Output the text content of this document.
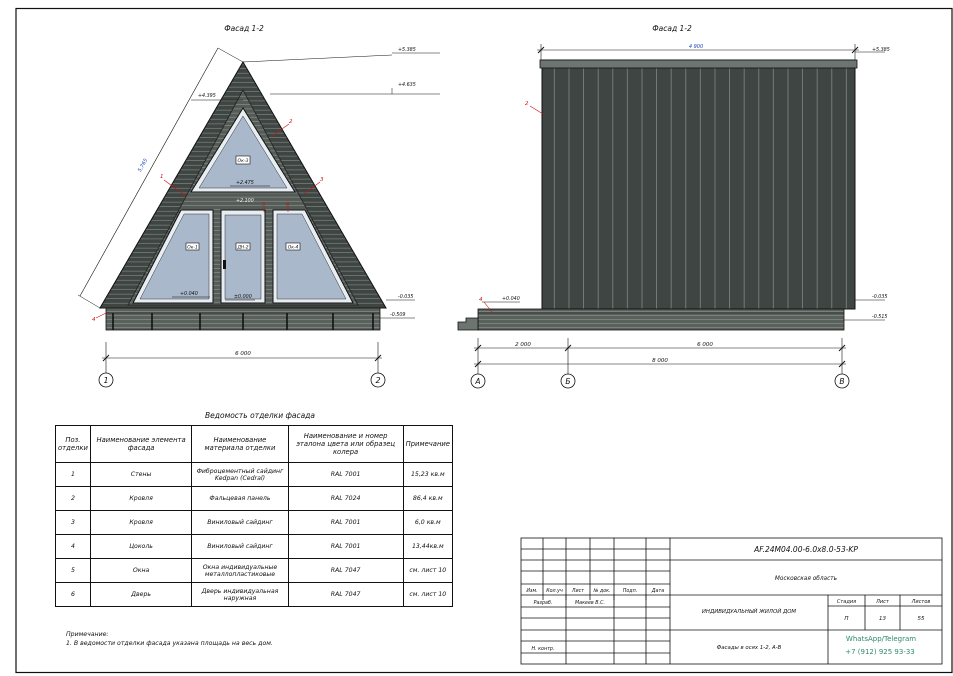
Фасад 1-2
Ок-3
Ок-1	ДН-2	Ок-4
5,765
+5.385
+4.635
+4.395
+2.475
+2.100
+0.040
±0.000	-0.035
-0.509
1
2
3
4
5	6
6 000
1	2
Фасад 1-2
4 900
+5.385
+0.040	-0.035
-0.515
2
4
2 000	6 000
8 000
А	Б	В
AF.24M04.00-6.0x8.0-53-KP
Московская область
ИНДИВИДУАЛЬНЫЙ ЖИЛОЙ ДОМ
Фасады в осях 1-2, А-В
Изм. Кол.уч Лист № док.	Подп.	Дата
Разраб.	Макеев В.С.
Н. контр.
Стадия	Лист	Листов
П	13	55
WhatsApp/Telegram
+7 (912) 925 93-33
Ведомость отделки фасада
Поз. отделки	Наименование элемента фасада	Наименование материала отделки	Наименование и номер эталона цвета или образец колера	Примечание
1	Стены	Фиброцементный сайдинг Kedpan (Cedral)	RAL 7001	15,23 кв.м
2	Кровля	Фальцевая панель	RAL 7024	86,4 кв.м
3	Кровля	Виниловый сайдинг	RAL 7001	6,0 кв.м
4	Цоколь	Виниловый сайдинг	RAL 7001	13,44кв.м
5	Окна	Окна индивидуальные металлопластиковые	RAL 7047	см. лист 10
6	Дверь	Дверь индивидуальная наружная	RAL 7047	см. лист 10
Примечание:
1. В ведомости отделки фасада указана площадь на весь дом.
